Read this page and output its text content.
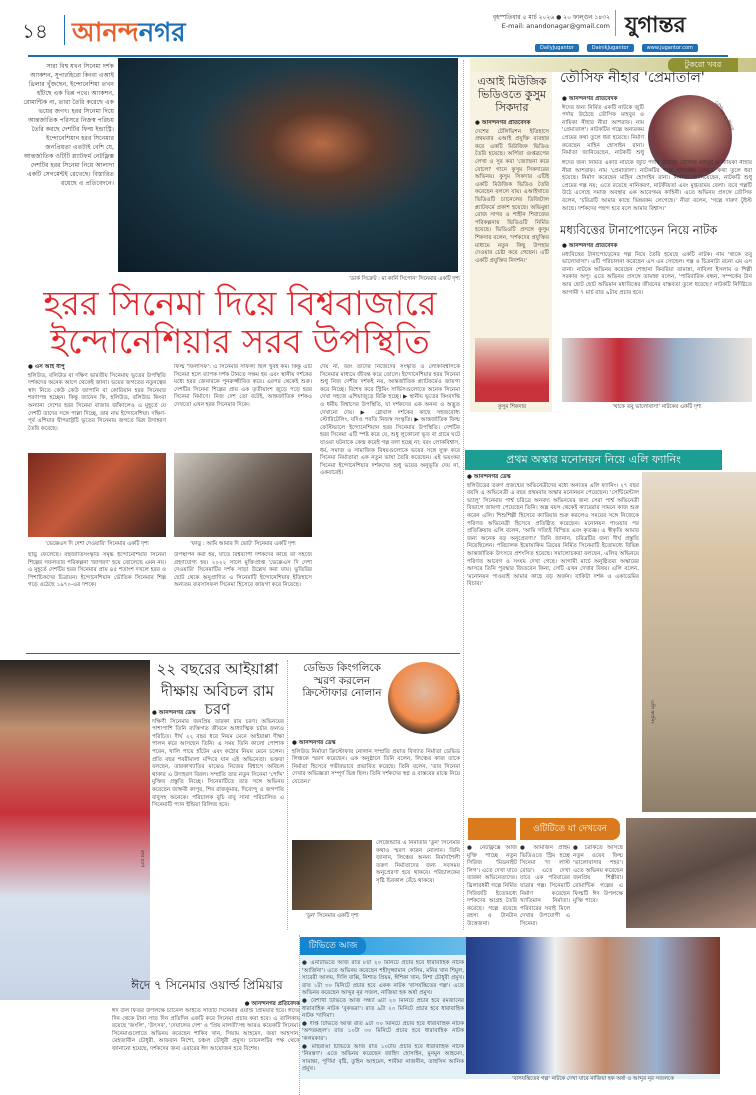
১৪ আনন্দনগর
বৃহস্পতিবার ৫ মার্চ ২০২৬ ● ২০ ফাল্গুন ১৪৩২
E-mail: anandonagar@gmail.com যুগান্তর
DailyJugantor	DainikJugantor	www.jugantor.com
সারা বিশ্ব যখন সিনেমা দর্শক অ্যাকশন, সুপারহিরো কিংবা এআই থ্রিলার খুঁজছেন, ইন্দোনেশিয়া তখন হাঁটছে এক ভিন্ন পথে। অ্যাকশন, রোমান্টিক না, তারা তৈরি করেছে এক ভয়ের জগৎ। হরর সিনেমা দিয়ে আন্তর্জাতিক পরিসরে নিজস্ব পরিচয় তৈরি করছে দেশটির ফিল্ম ইন্ডাস্ট্রি। ইন্দোনেশিয়ান হরর সিনেমার জনপ্রিয়তা এতটাই বেশি যে, আন্তর্জাতিক ওটিটি প্ল্যাটফর্ম নেটফ্লিক্স দেশটির হরর সিনেমা নিয়ে আলাদা একটি সেগমেন্টই রেখেছে। বিস্তারিত রয়েছে এ প্রতিবেদনে।
'ডার্ক সিক্রেট : মা কার্নি সিপোন' সিনেমার একটি দৃশ্য
হরর সিনেমা দিয়ে বিশ্ববাজারে
ইন্দোনেশিয়ার সরব উপস্থিতি
● এস আই বীপু
হলিউড, বলিউড বা দক্ষিণ ভারতীয় সিনেমায় ভূতের উপস্থিতি দর্শকদের অনেক আগে থেকেই জানা। ভয়ের জগতের নতুনত্বের স্বাদ নিতে কেউ কেউ জাপানি বা কোরিয়ান হরর সিনেমার শরণাপন্ন হচ্ছেন। কিন্তু জানেন কি, হলিউড, বলিউড কিংবা অন্যান্য দেশের হরর সিনেমা বাজার জাঁকালেও এ মুহূর্তে যে দেশটি তাদের সঙ্গে পাল্লা দিচ্ছে, তার নাম ইন্দোনেশিয়া। দক্ষিণ-পূর্ব এশিয়ার দ্বীপরাষ্ট্রটি ভূতের সিনেমার জগতে ভিন্ন উদাহরণ তৈরি করেছে।
'ভেক্কেএস দি দেশা দেওয়ারি' সিনেমার একটি দৃশ্য
ছাড়ু ফেলেছে। বহুজাতিসংস্কৃতি সমৃদ্ধ ইন্দোনেশিয়ার সিনেমা শিল্পের সফলতার পরিকল্পনা 'জাগরণ' হয়ে তোলেছে এমন নয়। এ মুহূর্তে দেশটির হরর সিনেমার প্রায় ৪৫ শতাংশ দখলে হরর ও পিশাচিকদের চিত্রায়ন। ইন্দোনেশিয়ান ভৌতিক সিনেমার শিল্প গড়ে ওঠেছে ১৯৭০-এর দশকে।
ফিল্ম 'ফিলাসফ': এ সিনেমার সাফল্য ছিল খুবই কম। কিন্তু এটি সিনেমা হলে ব্যাপক দর্শক টানতে সক্ষম হয় এবং স্থানীয় দর্শকের মধ্যে হরর জেনারকে পুনরুজ্জীবিত করে। এরপর থেকেই শুরু। দেশটির সিনেমা শিল্পের প্রায় এক তৃতীয়াংশ জুড়ে পড়ে হরর সিনেমা নির্মাণে। নিজ দেশ তো বটেই, আন্তর্জাতিক দর্শকও দেখতো এখন হরর সিনেমার দিকে।
'ফাড়ু : আমি আমার দি ভোট' সিনেমার একটি দৃশ্য
উপস্থাপন করা হয়, যাতে বিশ্বব্যাপী দর্শকদের কাছে তা সহজে গ্রহণযোগ্য হয়। ২০২২ সালে মুক্তিপ্রাপ্ত 'ভেক্কেএস দি দেশা দেওয়ারি' সিনেমাটির দর্শক সাড়া উল্লেখ করা যায়। ভুতিরির ছোট থেকে অনুপ্রাণিত এ সিনেমাটি ইন্দোনেশিয়ার ইতিহাসে অন্যতম ব্যবসাসফল সিনেমা হিসেবে জায়গা করে নিয়েছে।
দেয় না, বরং তাদের নিজেদের সংস্কৃতি ও লোকবিশ্বাসকে সিনেমার মাধ্যমে জীবন্ত করে তোলে। ইন্দোনেশিয়ার হরর সিনেমা শুধু নিজ দেশীয় দর্শকই নয়, আন্তর্জাতিক প্ল্যাটফর্মেও জায়গা করে নিচ্ছে। বিশেষ করে স্ট্রিমিং সার্ভিসগুলোতে অনেক সিনেমা দেখা সহজে এশিয়াজুড়ে বিক্রি হচ্ছে। ▶ স্থানীয় ভূতের কিংবদন্তি ও ধর্মীয় বিশ্বাসের উপস্থিতি, যা দর্শকদের এক অনন্য ও অদ্ভুত দেখানো দেয়। ▶ গ্লোবাল দর্শকের কাছে সহজবোধ্য স্টোরিটেলিং, যদিও পরতি নিজস্ব সংস্কৃতি। ▶ আন্তর্জাতিক ফিল্ম ফেস্টিভালে ইন্দোনেশিয়ান হরর সিনেমার উপস্থিতি। দেশটির হরর সিনেমা এটি স্পষ্ট করে যে, শুধু লুকোনো ভূত বা গ্রামে ঘটে যাওয়া ঘটনাকে কেন্দ্র করেই গল্প বলা হচ্ছে না; বরং লোকবিশ্বাস, ধর্ম, সমাজ ও সামাজিক বিষয়গুলোকে ভয়ের সঙ্গে যুক্ত করে সিনেমা নির্মাতারা এক নতুন ভাষা তৈরি করেছেন। এই ভয়ংকর সিনেমা ইন্দোনেশিয়ার দর্শকদের শুধু ভয়ের অনুভূতি দেয় না, একবারেই।
টুকরো খবর
এআই মিউজিক ভিডিওতে কুসুম সিকদার
● আনন্দনগর প্রতিবেদক
দেশের টেলিভিশন ইতিহাসে প্রথমবার এআই প্রযুক্তি ব্যবহার করে একটি মিউজিক ভিডিও তৈরি হয়েছে। অর্পিতা গুপ্তরূপের লেখা ও সুর করা 'জ্যোছনা করে বোলো' গানে কুসুম সিকদারের অভিনয়। কুসুম সিকদার এটিই একটি মিউজিক ভিডিও তৈরি করেছেন বললে যায়। এআইখাতে ভিডিওটি চ্যানেলের ডিজিটাল প্ল্যাটফর্মে প্রকাশ হয়েছে। অভিমুন্না রোজ সাগর ও শাহীন শিবাজের পরিকল্পনায় ভিডিওটি নির্মিত হয়েছে। ভিডিওটি প্রসঙ্গে কুসুম শিকদার বলেন, 'দর্শকদের প্রযুক্তির মাধ্যমে নতুন কিছু উপহার দেওয়ার চেষ্টা করে গেছেন। এটি একটি প্রযুক্তির নিদর্শন।'
কুসুম শিকদার
তৌসিফ নীহার 'প্রেমাতাল'
● আনন্দনগর প্রতিবেদক
ঈদের জন্য নির্মিত একটি নাটকে জুটি পর্দায় উঠেছে তৌসিফ মাহবুব ও নায়িকা নীহার নীরা আশরাফ। নাম 'প্রেমাতাল'। নাটকটির গল্পে অন্যরকম প্রেমের কথা তুলে ধরা হয়েছে। নির্মাণ করেছেন মাহিন হোসাইন রানা। নির্মাতা জানিয়েছেন, নাটকটি শুধু
তৌসিফ ও নীহার
ঈদের জন্য নির্মিত একটি নাটকে জুটি পর্দায় উঠেছে তৌসিফ মাহবুব ও নায়িকা নীহার নীরা আশরাফ। নাম 'প্রেমাতাল'। নাটকটির গল্পে অন্যরকম প্রেমের কথা তুলে ধরা হয়েছে। নির্মাণ করেছেন মাহিন হোসাইন রানা। নির্মাতা জানিয়েছেন, নাটকটি শুধু প্রেমের গল্প নয়; এতে রয়েছে নানিকরণ, নাটকীয়তা এবং মুগ্ধতাময় বেলা। তবে গল্পটি উঠে এসেছে সমাজ অবস্থার এক আবেগময় কাহিনী। এতে অভিনয় প্রসঙ্গে তৌসিফ বলেন, 'চরিত্রটি আমার কাছে ভিন্নরকম লেগেছে।' নীরা বলেন, 'গল্পে দারুণ টুইস্ট আছে। দর্শকদের পছন্দ হবে বলে আমার বিশ্বাস।'
মধ্যবিত্তের টানাপোড়েন নিয়ে নাটক
● আনন্দনগর প্রতিবেদক
মধ্যবিত্তের টানাপোড়েনের গল্প নিয়ে তৈরি হয়েছে একটি নাটক। নাম 'থাকে তবু ভালোবাসা'। এটি পরিচালনা করেছেন এস এম সোহেল। গল্প ও চিত্রনাট্য রচনা এম এস রানা। নাটকে অভিনয় করেছেন শোহানা কিবরিয়া তামান্না, নাবিলা ইসলাম ও শিল্পী সরকার অপু। এতে অভিনয় প্রসঙ্গে তামান্না বলেন, 'পারিবারিক বন্ধন, সম্পর্কের টান আর ছোট ছোট অভিমান মধ্যবিত্তের জীবনের বাস্তবতা তুলে ধরেছে।' নাটকটি নির্দিষ্টতে আগামী ৭ মার্চ রাত ৯টায় প্রচার হবে।
'থাকে তবু ভালোবাসা' নাটকের একটি দৃশ্য
প্রথম অস্কার মনোনয়ন নিয়ে এলি ফ্যানিং
● আনন্দনগর ডেস্ক
হলিউডের তরুণ প্রজন্মের অভিনেত্রীদের মধ্যে অন্যতম এলি ফ্যানিং। ২৭ বছর বয়সি এ অভিনেত্রী এ বছর প্রথমবার অস্কার মনোনয়ন পেয়েছেন। 'সেন্টিমেন্টাল ভ্যালু' সিনেমায় পার্শ্ব চরিত্রে অনবদ্য অভিনয়ের জন্য সেরা পার্শ্ব অভিনেত্রী বিভাগে জায়গা পেয়েছেন তিনি। অল্প বয়স থেকেই ক্যামেরার সামনে কাজ শুরু করেন এলি। শিশুশিল্পী হিসেবে ক্যারিয়ার শুরু করলেও সময়ের সঙ্গে নিজেকে পরিণত অভিনেত্রী হিসেবে প্রতিষ্ঠিত করেছেন। মনোনয়ন পাওয়ার পর প্রতিক্রিয়ায় এলি বলেন, 'আমি সত্যিই বিস্মিত এবং কৃতজ্ঞ। এ স্বীকৃতি আমার জন্য অনেক বড় অনুপ্রেরণা।' তিনি জানান, চরিত্রটির জন্য দীর্ঘ প্রস্তুতি নিয়েছিলেন। পরিচালক ইয়োয়াকিম ত্রিয়ের নির্মিত সিনেমাটি ইতোমধ্যে বিভিন্ন আন্তর্জাতিক উৎসবে প্রশংসিত হয়েছে। সমালোচকরা বলছেন, এলির অভিনয়ে পরিণত আবেগ ও সংযম দেখা গেছে। আগামী মার্চে অনুষ্ঠিতব্য অস্কারের আসরে তিনি পুরস্কার জিতবেন কিনা, সেটি এখন দেখার বিষয়। এলি বলেন, 'মনোনয়ন পাওয়াই আমার কাছে বড় অর্জন। বাকিটা দর্শক ও একাডেমির বিচার।'
এলি ফ্যানিং
ওটিটিতে যা দেখবেন
● নেটফ্লিক্সে আজ মুক্তি পাচ্ছে নতুন সিরিজ 'মিডনাইট লিগ'। এতে দেখা যাবে তারকা অভিনেতাদের। থ্রিলারধর্মী গল্পে নির্মিত সিরিজটি ইতোমধ্যে দর্শকদের আগ্রহ তৈরি করেছে। গল্পে রয়েছে রহস্য ও টানটান উত্তেজনা।
● আমাজন প্রাইম ভিডিওতে স্ট্রিম হচ্ছে সিনেমা 'দ্য লাস্ট রোড'। এতে দেখা যাবে এক পরিবারের যাত্রার গল্প। সিনেমাটি নির্মাণ করেছেন খ্যাতিমান নির্মাতা। পরিবারের সবাই মিলে দেখার উপযোগী এ সিনেমা।
● চরকিতে আসছে নতুন ওয়েব ফিল্ম 'ভালোবাসার শহর'। এতে অভিনয় করেছেন জনপ্রিয় শিল্পীরা। রোমান্টিক গল্পের এ ফিল্মটি ঈদ উপলক্ষে মুক্তি পাবে।
রাম চরণ
২২ বছরের আইয়াপ্পা
দীক্ষায় অবিচল রাম চরণ
● আনন্দনগর ডেস্ক
দক্ষিণী সিনেমার জনপ্রিয় তারকা রাম চরণ। অভিনয়ের পাশাপাশি তিনি ব্যক্তিগত জীবনে আধ্যাত্মিক চর্চার জন্যও পরিচিত। দীর্ঘ ২২ বছর ধরে নিয়ম মেনে আইয়াপ্পা দীক্ষা পালন করে আসছেন তিনি। এ সময় তিনি কালো পোশাক পরেন, খালি পায়ে হাঁটেন এবং কঠোর নিয়ম মেনে চলেন। প্রতি বছর শবরীমালা মন্দিরে যান এই অভিনেতা। ভক্তরা বলছেন, তারকাখ্যাতির মাঝেও নিজের বিশ্বাসে অবিচল থাকার এ উদাহরণ বিরল। সম্প্রতি তার নতুন সিনেমা 'পেদ্দি' মুক্তির প্রস্তুতি নিচ্ছে। সিনেমাটিতে তার সঙ্গে অভিনয় করেছেন জাহ্নবী কাপুর, শিব রাজকুমার, দিব্যেন্দু ও জগপতি বাবুসহ অনেকে। পরিচালক বুচি বাবু সানা পরিচালিত এ সিনেমাটি প্যান ইন্ডিয়া রিলিজ হবে।
ডেভিড কিংগলিকে স্মরণ করলেন ক্রিস্টোফার নোলান	নোলান
● আনন্দনগর ডেস্ক
হলিউড নির্মাতা ক্রিস্টোফার নোলান সম্প্রতি প্রয়াত বিখ্যাত নির্মাতা ডেভিড লিঞ্চকে স্মরণ করেছেন। এক অনুষ্ঠানে তিনি বলেন, লিঞ্চের কাজ তাকে নির্মাতা হিসেবে গভীরভাবে প্রভাবিত করেছে। তিনি বলেন, 'তার সিনেমা দেখার অভিজ্ঞতা সম্পূর্ণ ভিন্ন ছিল। তিনি দর্শকদের স্বপ্ন ও বাস্তবের মাঝে নিয়ে যেতেন।'
'ডুন' সিনেমার একটি দৃশ্য
লেজেন্ডারি এ নির্মাতার 'ডুন' সিনেমার কথাও স্মরণ করেন নোলান। তিনি জানান, লিঞ্চের অনন্য নির্মাণশৈলী তরুণ নির্মাতাদের জন্য সবসময় অনুপ্রেরণা হয়ে থাকবে। পরিচালকের সৃষ্টি চিরকাল বেঁচে থাকবে।
ঈদে ৭ সিনেমার ওয়ার্ল্ড প্রিমিয়ার
● আনন্দনগর প্রতিবেদক
ঈদ উল ফিতর উপলক্ষে চ্যানেল আইতে সাতটি সিনেমার ওয়ার্ল্ড প্রিমিয়ার হবে। ঈদের দিন থেকে টানা সাত দিন প্রতিদিন একটি করে সিনেমা প্রচার করা হবে। এ তালিকায় রয়েছে 'জংলি', 'উৎসব', 'দেয়ালের দেশ' ও 'প্রিয় মালতী'সহ আরও কয়েকটি সিনেমা। সিনেমাগুলোতে অভিনয় করেছেন শাকিব খান, সিয়াম আহমেদ, জয়া আহসান, মেহজাবীন চৌধুরী, আফরান নিশো, চঞ্চল চৌধুরী প্রমুখ। চ্যানেলটির পক্ষ থেকে জানানো হয়েছে, দর্শকদের জন্য এবারের ঈদ আয়োজন হবে বিশেষ।
টিভিতে আজ
● এনটিভিতে আজ রাত ৮টা ২০ মিনিটে প্রচার হবে ধারাবাহিক নাটক 'আর্জিনা'। এতে অভিনয় করেছেন শহীদুজ্জামান সেলিম, মনির খান শিমুল, সাবেরী আলম, দিলি বাপ্পি, নিশাত প্রিয়ম, ঈশিকা খান, নিশা চৌধুরী প্রমুখ। রাত ১টা ৩০ মিনিটে প্রচার হবে একক নাটক 'বাসযন্ত্রিতের গল্প'। এতে অভিনয় করেছেন আব্দুর নূর সজল, নাজিয়া হক অর্ষা প্রমুখ।
● বৈশাখী টিভিতে আজ সন্ধ্যা ৬টা ২০ মিনিটে প্রচার হবে রমজানের ধারাবাহিক নাটক 'বুকভরা'। রাত ৯টা ২০ মিনিটে প্রচার হবে ধারাবাহিক নাটক 'দাদিমা'।
● দীপ্ত টিভিতে আজ রাত ৯টা ৩০ মিনিটে প্রচার হবে ধারাবাহিক নাটক 'অন্দরমহল'। রাত ১০টা ৩০ মিনিটে প্রচার হবে ধারাবাহিক নাটক 'কলমকার'।
● মাছরাঙা টিভিতে আজ রাত ১০টায় প্রচার হবে ধারাবাহিক নাটক 'নিমন্ত্রণ'। এতে অভিনয় করেছেন জাহিদ হোসাইন, মুনমুন আহমেদ, সামান্তা, পূর্ণিমা বৃষ্টি, তুহিন আহমেদ, শামীমা নাজনীন, তাহসিন আনিক প্রমুখ।
'বাসযন্ত্রিতের গল্প' নাটকে দেখা যাবে নাজিয়া হক অর্ষা ও আব্দুর নূর সজলকে
